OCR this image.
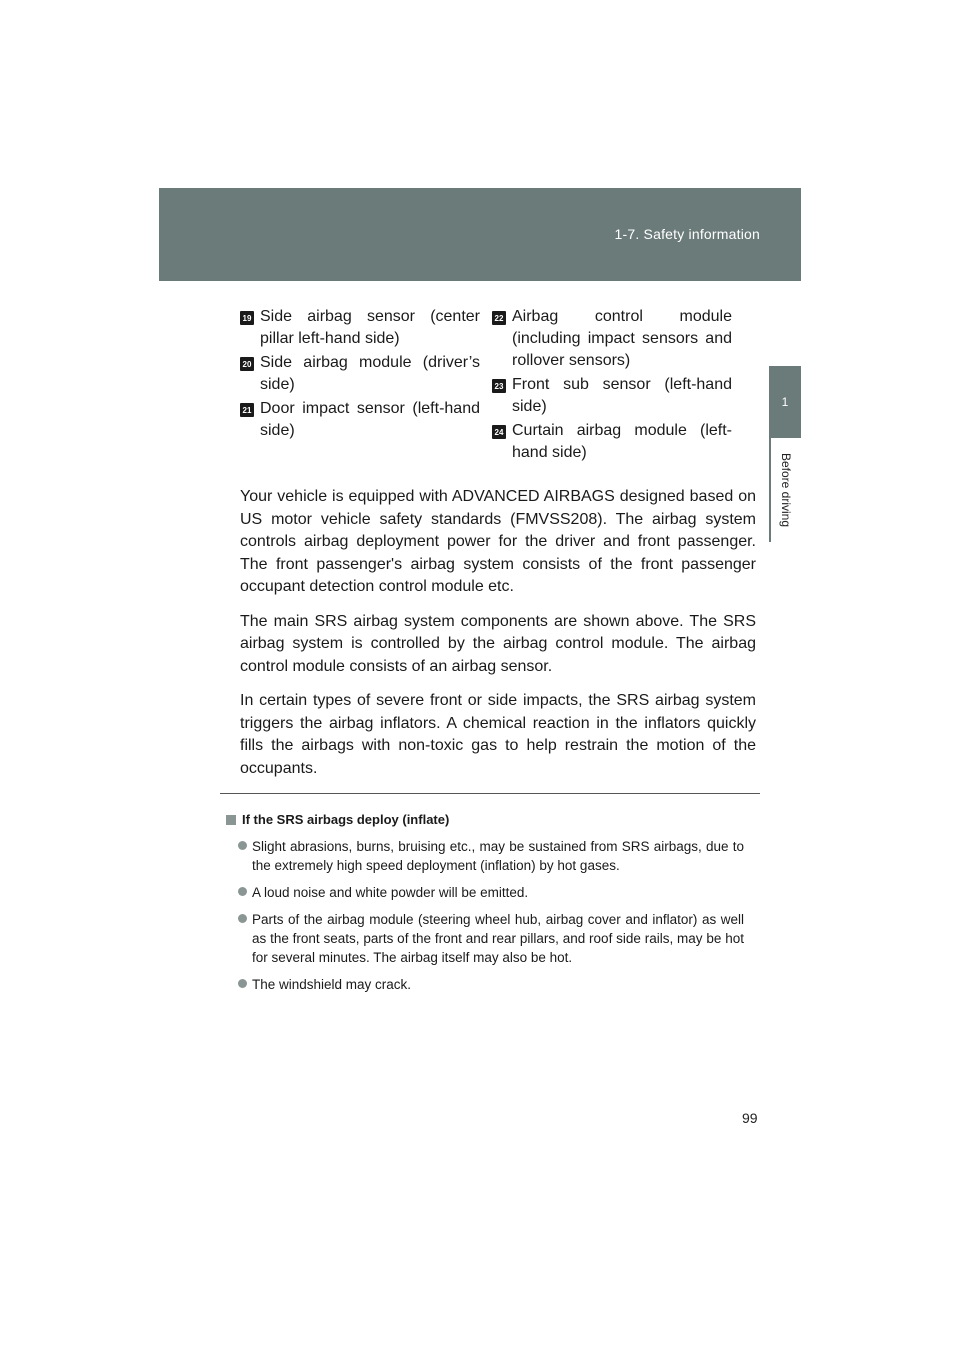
1-7. Safety information
1
Before driving
19 Side airbag sensor (center pillar left-hand side)
20 Side airbag module (driver’s side)
21 Door impact sensor (left-hand side)
22 Airbag control module (including impact sensors and rollover sensors)
23 Front sub sensor (left-hand side)
24 Curtain airbag module (left-hand side)

Your vehicle is equipped with ADVANCED AIRBAGS designed based on US motor vehicle safety standards (FMVSS208). The airbag system controls airbag deployment power for the driver and front passenger. The front passenger's airbag system consists of the front passenger occupant detection control module etc.

The main SRS airbag system components are shown above. The SRS airbag system is controlled by the airbag control module. The airbag control module consists of an airbag sensor.

In certain types of severe front or side impacts, the SRS airbag system triggers the airbag inflators. A chemical reaction in the inflators quickly fills the airbags with non-toxic gas to help restrain the motion of the occupants.

If the SRS airbags deploy (inflate)
Slight abrasions, burns, bruising etc., may be sustained from SRS airbags, due to the extremely high speed deployment (inflation) by hot gases.
A loud noise and white powder will be emitted.
Parts of the airbag module (steering wheel hub, airbag cover and inflator) as well as the front seats, parts of the front and rear pillars, and roof side rails, may be hot for several minutes. The airbag itself may also be hot.
The windshield may crack.
99
